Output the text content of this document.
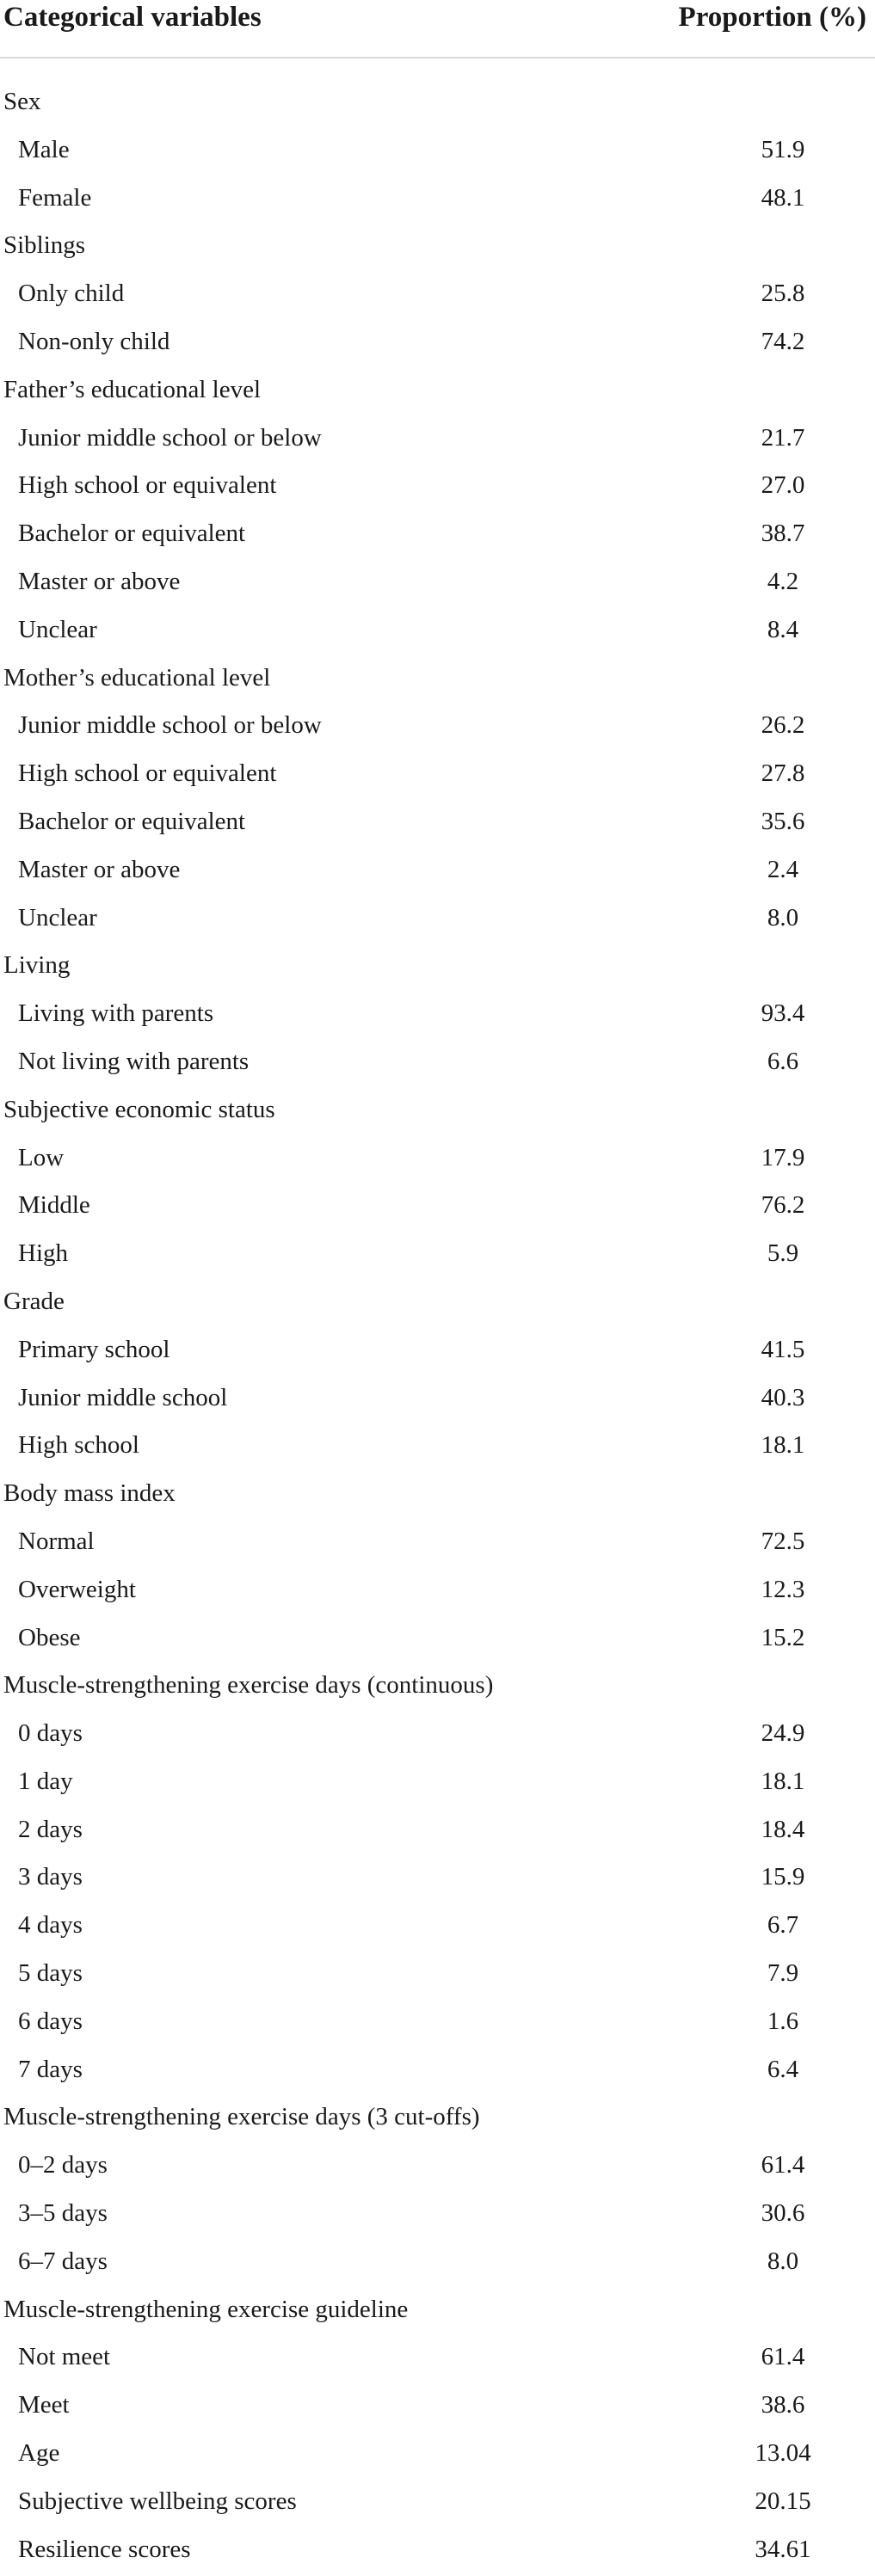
Categorical variables	Proportion (%)
Sex
Male	51.9
Female	48.1
Siblings
Only child	25.8
Non-only child	74.2
Father’s educational level
Junior middle school or below	21.7
High school or equivalent	27.0
Bachelor or equivalent	38.7
Master or above	4.2
Unclear	8.4
Mother’s educational level
Junior middle school or below	26.2
High school or equivalent	27.8
Bachelor or equivalent	35.6
Master or above	2.4
Unclear	8.0
Living
Living with parents	93.4
Not living with parents	6.6
Subjective economic status
Low	17.9
Middle	76.2
High	5.9
Grade
Primary school	41.5
Junior middle school	40.3
High school	18.1
Body mass index
Normal	72.5
Overweight	12.3
Obese	15.2
Muscle-strengthening exercise days (continuous)
0 days	24.9
1 day	18.1
2 days	18.4
3 days	15.9
4 days	6.7
5 days	7.9
6 days	1.6
7 days	6.4
Muscle-strengthening exercise days (3 cut-offs)
0–2 days	61.4
3–5 days	30.6
6–7 days	8.0
Muscle-strengthening exercise guideline
Not meet	61.4
Meet	38.6
Age	13.04
Subjective wellbeing scores	20.15
Resilience scores	34.61
